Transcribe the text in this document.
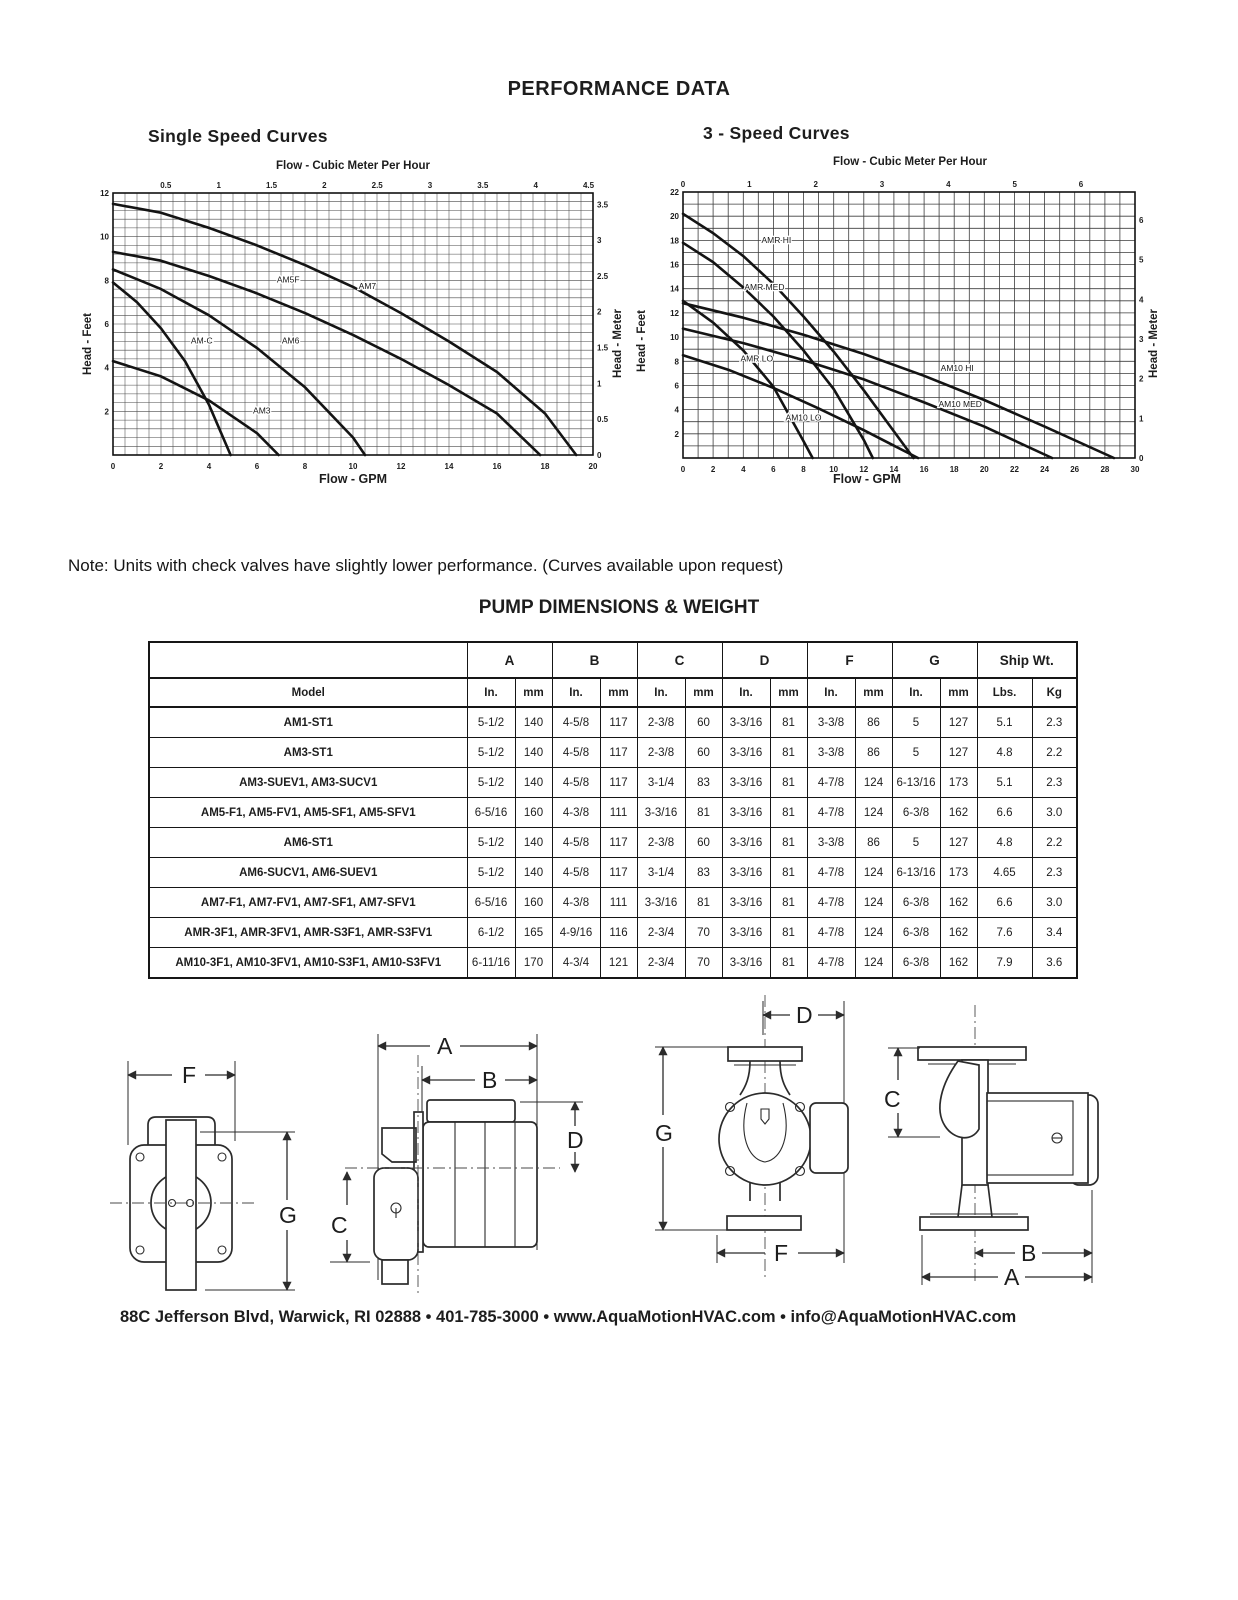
PERFORMANCE DATA
Single Speed Curves
Flow - Cubic Meter Per Hour
Head - Feet	Head - Meter
0	2	4	6	8	10	12	14	16	18	20
2
4
6
8
10
12
0.5	1	1.5	2	2.5	3	3.5	4	4.5
0
0.5
1
1.5
2
2.5
3
3.5
AM7
AM5F
AM6
AM-C
AM3
Flow - GPM
3 - Speed Curves
Flow - Cubic Meter Per Hour
Head - Feet	Head - Meter
0	2	4	6	8	10	12	14	16	18	20	22	24	26	28	30
2
4
6
8
10
12
14
16
18
20
22
0	1	2	3	4	5	6
0
1
2
3
4
5
6
AMR HI
AMR MED
AMR LO
AM10 HI
AM10 MED
AM10 LO
Flow - GPM
Note: Units with check valves have slightly lower performance. (Curves available upon request)
PUMP DIMENSIONS & WEIGHT
	A		B		C		D		F		G		Ship Wt.	
Model	In.	mm	In.	mm	In.	mm	In.	mm	In.	mm	In.	mm	Lbs.	Kg
AM1-ST1	5-1/2	140	4-5/8	117	2-3/8	60	3-3/16	81	3-3/8	86	5	127	5.1	2.3
AM3-ST1	5-1/2	140	4-5/8	117	2-3/8	60	3-3/16	81	3-3/8	86	5	127	4.8	2.2
AM3-SUEV1, AM3-SUCV1	5-1/2	140	4-5/8	117	3-1/4	83	3-3/16	81	4-7/8	124	6-13/16	173	5.1	2.3
AM5-F1, AM5-FV1, AM5-SF1, AM5-SFV1	6-5/16	160	4-3/8	111	3-3/16	81	3-3/16	81	4-7/8	124	6-3/8	162	6.6	3.0
AM6-ST1	5-1/2	140	4-5/8	117	2-3/8	60	3-3/16	81	3-3/8	86	5	127	4.8	2.2
AM6-SUCV1, AM6-SUEV1	5-1/2	140	4-5/8	117	3-1/4	83	3-3/16	81	4-7/8	124	6-13/16	173	4.65	2.3
AM7-F1, AM7-FV1, AM7-SF1, AM7-SFV1	6-5/16	160	4-3/8	111	3-3/16	81	3-3/16	81	4-7/8	124	6-3/8	162	6.6	3.0
AMR-3F1, AMR-3FV1, AMR-S3F1, AMR-S3FV1	6-1/2	165	4-9/16	116	2-3/4	70	3-3/16	81	4-7/8	124	6-3/8	162	7.6	3.4
AM10-3F1, AM10-3FV1, AM10-S3F1, AM10-S3FV1	6-11/16	170	4-3/4	121	2-3/4	70	3-3/16	81	4-7/8	124	6-3/8	162	7.9	3.6
F
G
A
B
D
C
D
G
F
C
B
A
88C Jefferson Blvd, Warwick, RI 02888 • 401-785-3000 • www.AquaMotionHVAC.com • info@AquaMotionHVAC.com
